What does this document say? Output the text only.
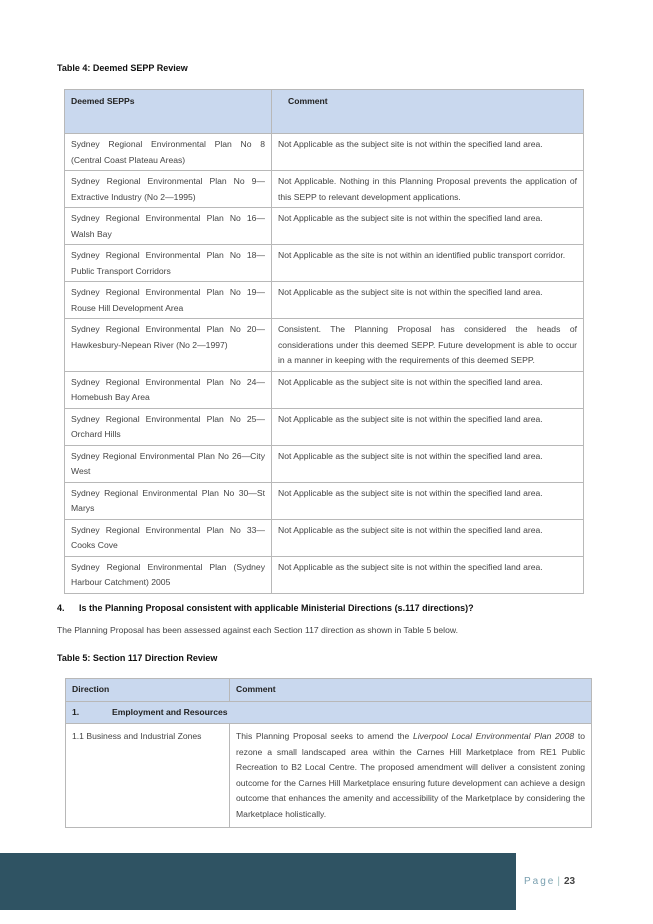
Table 4: Deemed SEPP Review
Deemed SEPPs	Comment
Sydney Regional Environmental Plan No 8 (Central Coast Plateau Areas)	Not Applicable as the subject site is not within the specified land area.
Sydney Regional Environmental Plan No 9—Extractive Industry (No 2—1995)	Not Applicable. Nothing in this Planning Proposal prevents the application of this SEPP to relevant development applications.
Sydney Regional Environmental Plan No 16—Walsh Bay	Not Applicable as the subject site is not within the specified land area.
Sydney Regional Environmental Plan No 18—Public Transport Corridors	Not Applicable as the site is not within an identified public transport corridor.
Sydney Regional Environmental Plan No 19—Rouse Hill Development Area	Not Applicable as the subject site is not within the specified land area.
Sydney Regional Environmental Plan No 20—Hawkesbury-Nepean River (No 2—1997)	Consistent. The Planning Proposal has considered the heads of considerations under this deemed SEPP. Future development is able to occur in a manner in keeping with the requirements of this deemed SEPP.
Sydney Regional Environmental Plan No 24—Homebush Bay Area	Not Applicable as the subject site is not within the specified land area.
Sydney Regional Environmental Plan No 25—Orchard Hills	Not Applicable as the subject site is not within the specified land area.
Sydney Regional Environmental Plan No 26—City West	Not Applicable as the subject site is not within the specified land area.
Sydney Regional Environmental Plan No 30—St Marys	Not Applicable as the subject site is not within the specified land area.
Sydney Regional Environmental Plan No 33—Cooks Cove	Not Applicable as the subject site is not within the specified land area.
Sydney Regional Environmental Plan (Sydney Harbour Catchment) 2005	Not Applicable as the subject site is not within the specified land area.
4. Is the Planning Proposal consistent with applicable Ministerial Directions (s.117 directions)?
The Planning Proposal has been assessed against each Section 117 direction as shown in Table 5 below.
Table 5: Section 117 Direction Review
Direction	Comment
1. Employment and Resources	
1.1 Business and Industrial Zones	This Planning Proposal seeks to amend the Liverpool Local Environmental Plan 2008 to rezone a small landscaped area within the Carnes Hill Marketplace from RE1 Public Recreation to B2 Local Centre. The proposed amendment will deliver a consistent zoning outcome for the Carnes Hill Marketplace ensuring future development can achieve a design outcome that enhances the amenity and accessibility of the Marketplace by considering the Marketplace holistically.
Page | 23
